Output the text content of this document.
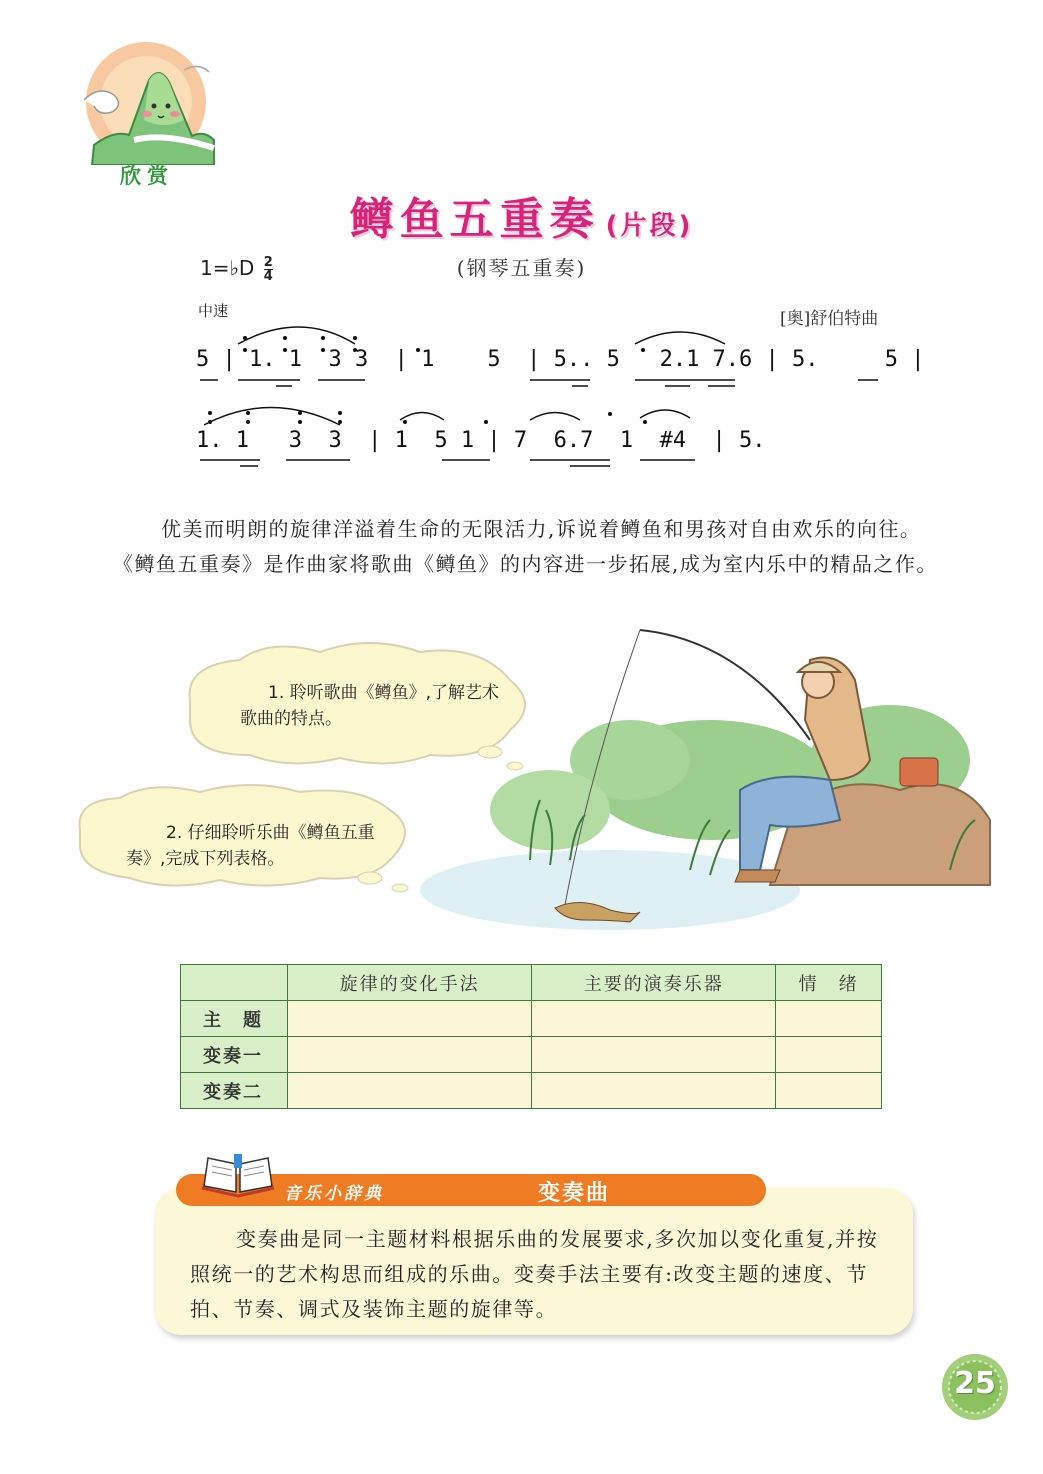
欣赏
鳟鱼五重奏 (片段)
(钢琴五重奏)
1=♭D $\frac{2}{4}$
中速	[奥]舒伯特曲
5 | 1. 1  3 3  | 1    5  | 5.. 5   2.1 7.6 | 5.     5 |
1. 1   3  3  | 1  5 1 | 7  6.7  1  #4  | 5.
优美而明朗的旋律洋溢着生命的无限活力,诉说着鳟鱼和男孩对自由欢乐的向往。《鳟鱼五重奏》是作曲家将歌曲《鳟鱼》的内容进一步拓展,成为室内乐中的精品之作。
1. 聆听歌曲《鳟鱼》,了解艺术歌曲的特点。
2. 仔细聆听乐曲《鳟鱼五重奏》,完成下列表格。
	旋律的变化手法	主要的演奏乐器	情　绪
主　题			
变奏一			
变奏二			
音乐小辞典	变奏曲
变奏曲是同一主题材料根据乐曲的发展要求,多次加以变化重复,并按照统一的艺术构思而组成的乐曲。变奏手法主要有:改变主题的速度、节拍、节奏、调式及装饰主题的旋律等。
25
